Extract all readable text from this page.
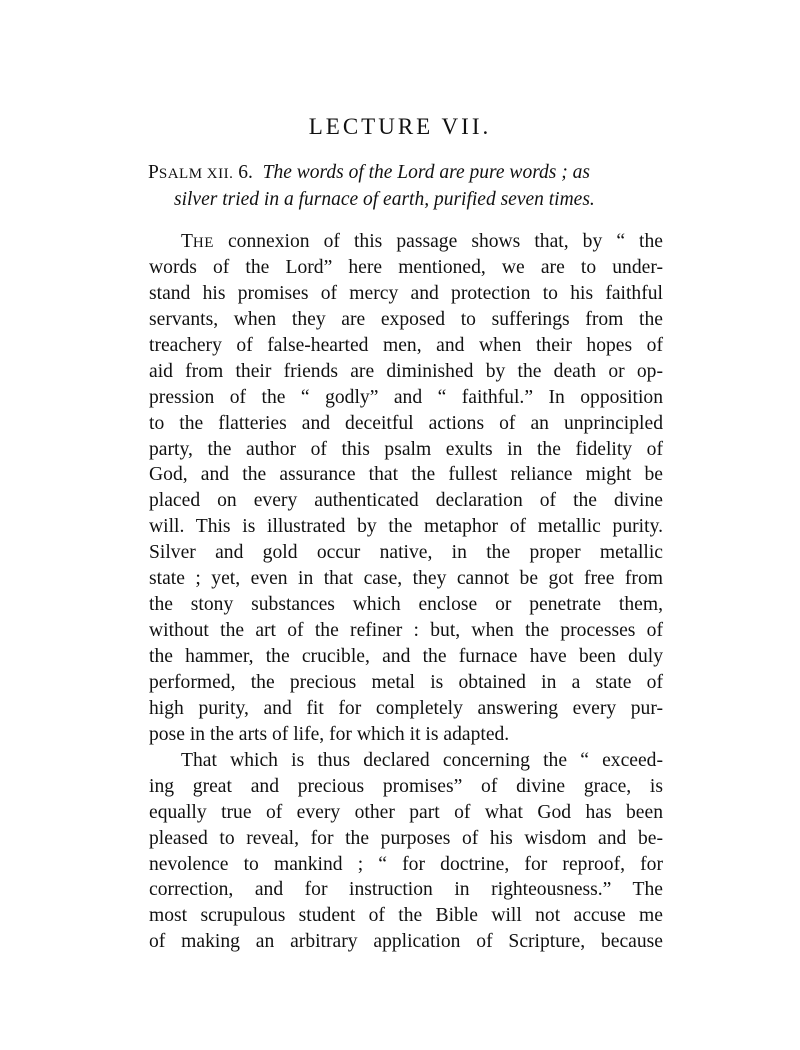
LECTURE VII.
PSALM XII. 6. The words of the Lord are pure words ; as
silver tried in a furnace of earth, purified seven times.
THE connexion of this passage shows that, by “ the
words of the Lord” here mentioned, we are to under-
stand his promises of mercy and protection to his faithful
servants, when they are exposed to sufferings from the
treachery of false-hearted men, and when their hopes of
aid from their friends are diminished by the death or op-
pression of the “ godly” and “ faithful.” In opposition
to the flatteries and deceitful actions of an unprincipled
party, the author of this psalm exults in the fidelity of
God, and the assurance that the fullest reliance might be
placed on every authenticated declaration of the divine
will. This is illustrated by the metaphor of metallic purity.
Silver and gold occur native, in the proper metallic
state ; yet, even in that case, they cannot be got free from
the stony substances which enclose or penetrate them,
without the art of the refiner : but, when the processes of
the hammer, the crucible, and the furnace have been duly
performed, the precious metal is obtained in a state of
high purity, and fit for completely answering every pur-
pose in the arts of life, for which it is adapted.
That which is thus declared concerning the “ exceed-
ing great and precious promises” of divine grace, is
equally true of every other part of what God has been
pleased to reveal, for the purposes of his wisdom and be-
nevolence to mankind ; “ for doctrine, for reproof, for
correction, and for instruction in righteousness.” The
most scrupulous student of the Bible will not accuse me
of making an arbitrary application of Scripture, because
